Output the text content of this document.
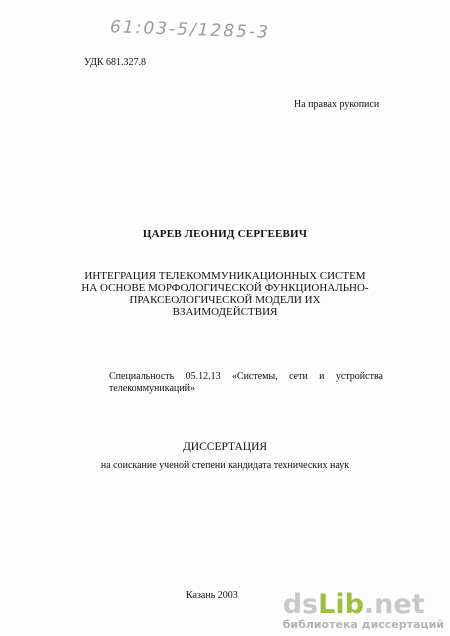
61:03-5/1285-3
УДК 681.327.8
На правах рукописи
ЦАРЕВ ЛЕОНИД СЕРГЕЕВИЧ
ИНТЕГРАЦИЯ ТЕЛЕКОММУНИКАЦИОННЫХ СИСТЕМ
НА ОСНОВЕ МОРФОЛОГИЧЕСКОЙ ФУНКЦИОНАЛЬНО-
ПРАКСЕОЛОГИЧЕСКОЙ МОДЕЛИ ИХ
ВЗАИМОДЕЙСТВИЯ
Специальность 05.12.13 «Системы, сети и устройства
телекоммуникаций»
ДИССЕРТАЦИЯ
на соискание ученой степени кандидата технических наук
Казань 2003 dsLib.net
библиотека диссертаций
